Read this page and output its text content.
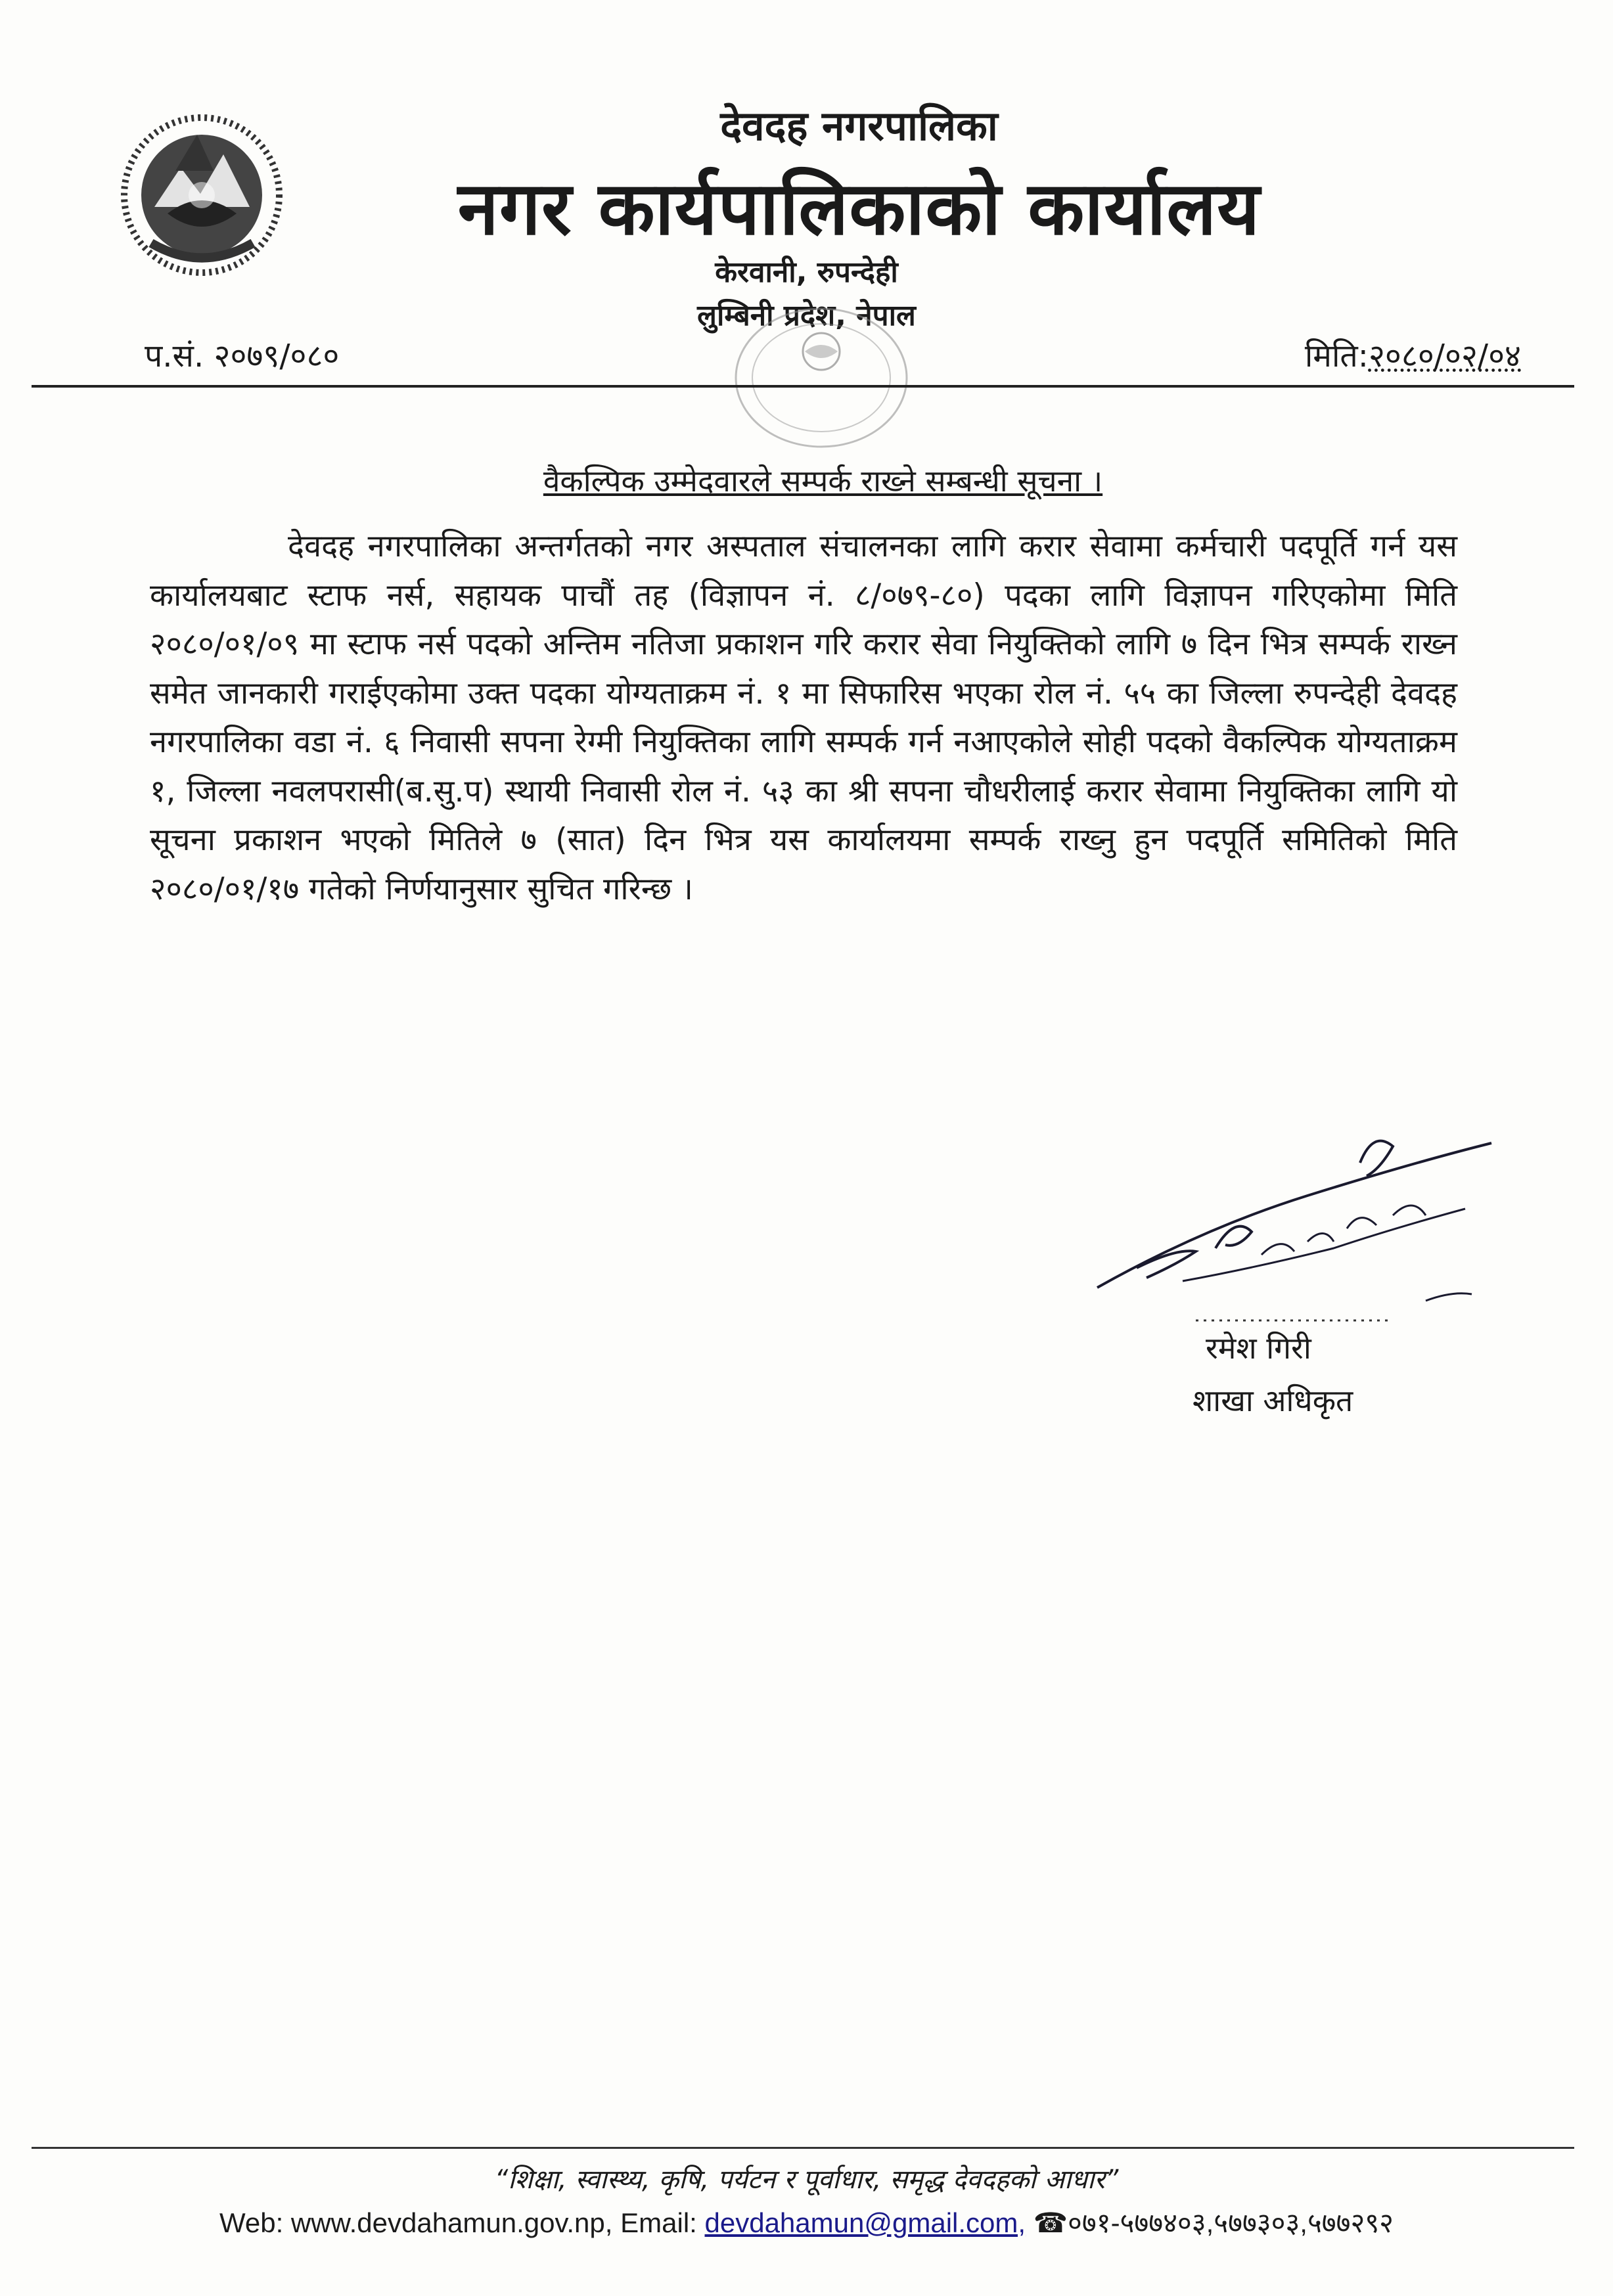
देवदह नगरपालिका
नगर कार्यपालिकाको कार्यालय
केरवानी, रुपन्देही
लुम्बिनी प्रदेश, नेपाल
प.सं. २०७९/०८०	मिति:२०८०/०२/०४
वैकल्पिक उम्मेदवारले सम्पर्क राख्ने सम्बन्धी सूचना ।
देवदह नगरपालिका अन्तर्गतको नगर अस्पताल संचालनका लागि करार सेवामा कर्मचारी पदपूर्ति गर्न यस कार्यालयबाट स्टाफ नर्स, सहायक पाचौं तह (विज्ञापन नं. ८/०७९-८०) पदका लागि विज्ञापन गरिएकोमा मिति २०८०/०१/०९ मा स्टाफ नर्स पदको अन्तिम नतिजा प्रकाशन गरि करार सेवा नियुक्तिको लागि ७ दिन भित्र सम्पर्क राख्न समेत जानकारी गराईएकोमा उक्त पदका योग्यताक्रम नं. १ मा सिफारिस भएका रोल नं. ५५ का जिल्ला रुपन्देही देवदह नगरपालिका वडा नं. ६ निवासी सपना रेग्मी नियुक्तिका लागि सम्पर्क गर्न नआएकोले सोही पदको वैकल्पिक योग्यताक्रम १, जिल्ला नवलपरासी(ब.सु.प) स्थायी निवासी रोल नं. ५३ का श्री सपना चौधरीलाई करार सेवामा नियुक्तिका लागि यो सूचना प्रकाशन भएको मितिले ७ (सात) दिन भित्र यस कार्यालयमा सम्पर्क राख्नु हुन पदपूर्ति समितिको मिति २०८०/०१/१७ गतेको निर्णयानुसार सुचित गरिन्छ ।
रमेश गिरी
शाखा अधिकृत
“शिक्षा, स्वास्थ्य, कृषि, पर्यटन र पूर्वाधार, समृद्ध देवदहको आधार”
Web: www.devdahamun.gov.np, Email: devdahamun@gmail.com, ☎०७१-५७७४०३,५७७३०३,५७७२९२
